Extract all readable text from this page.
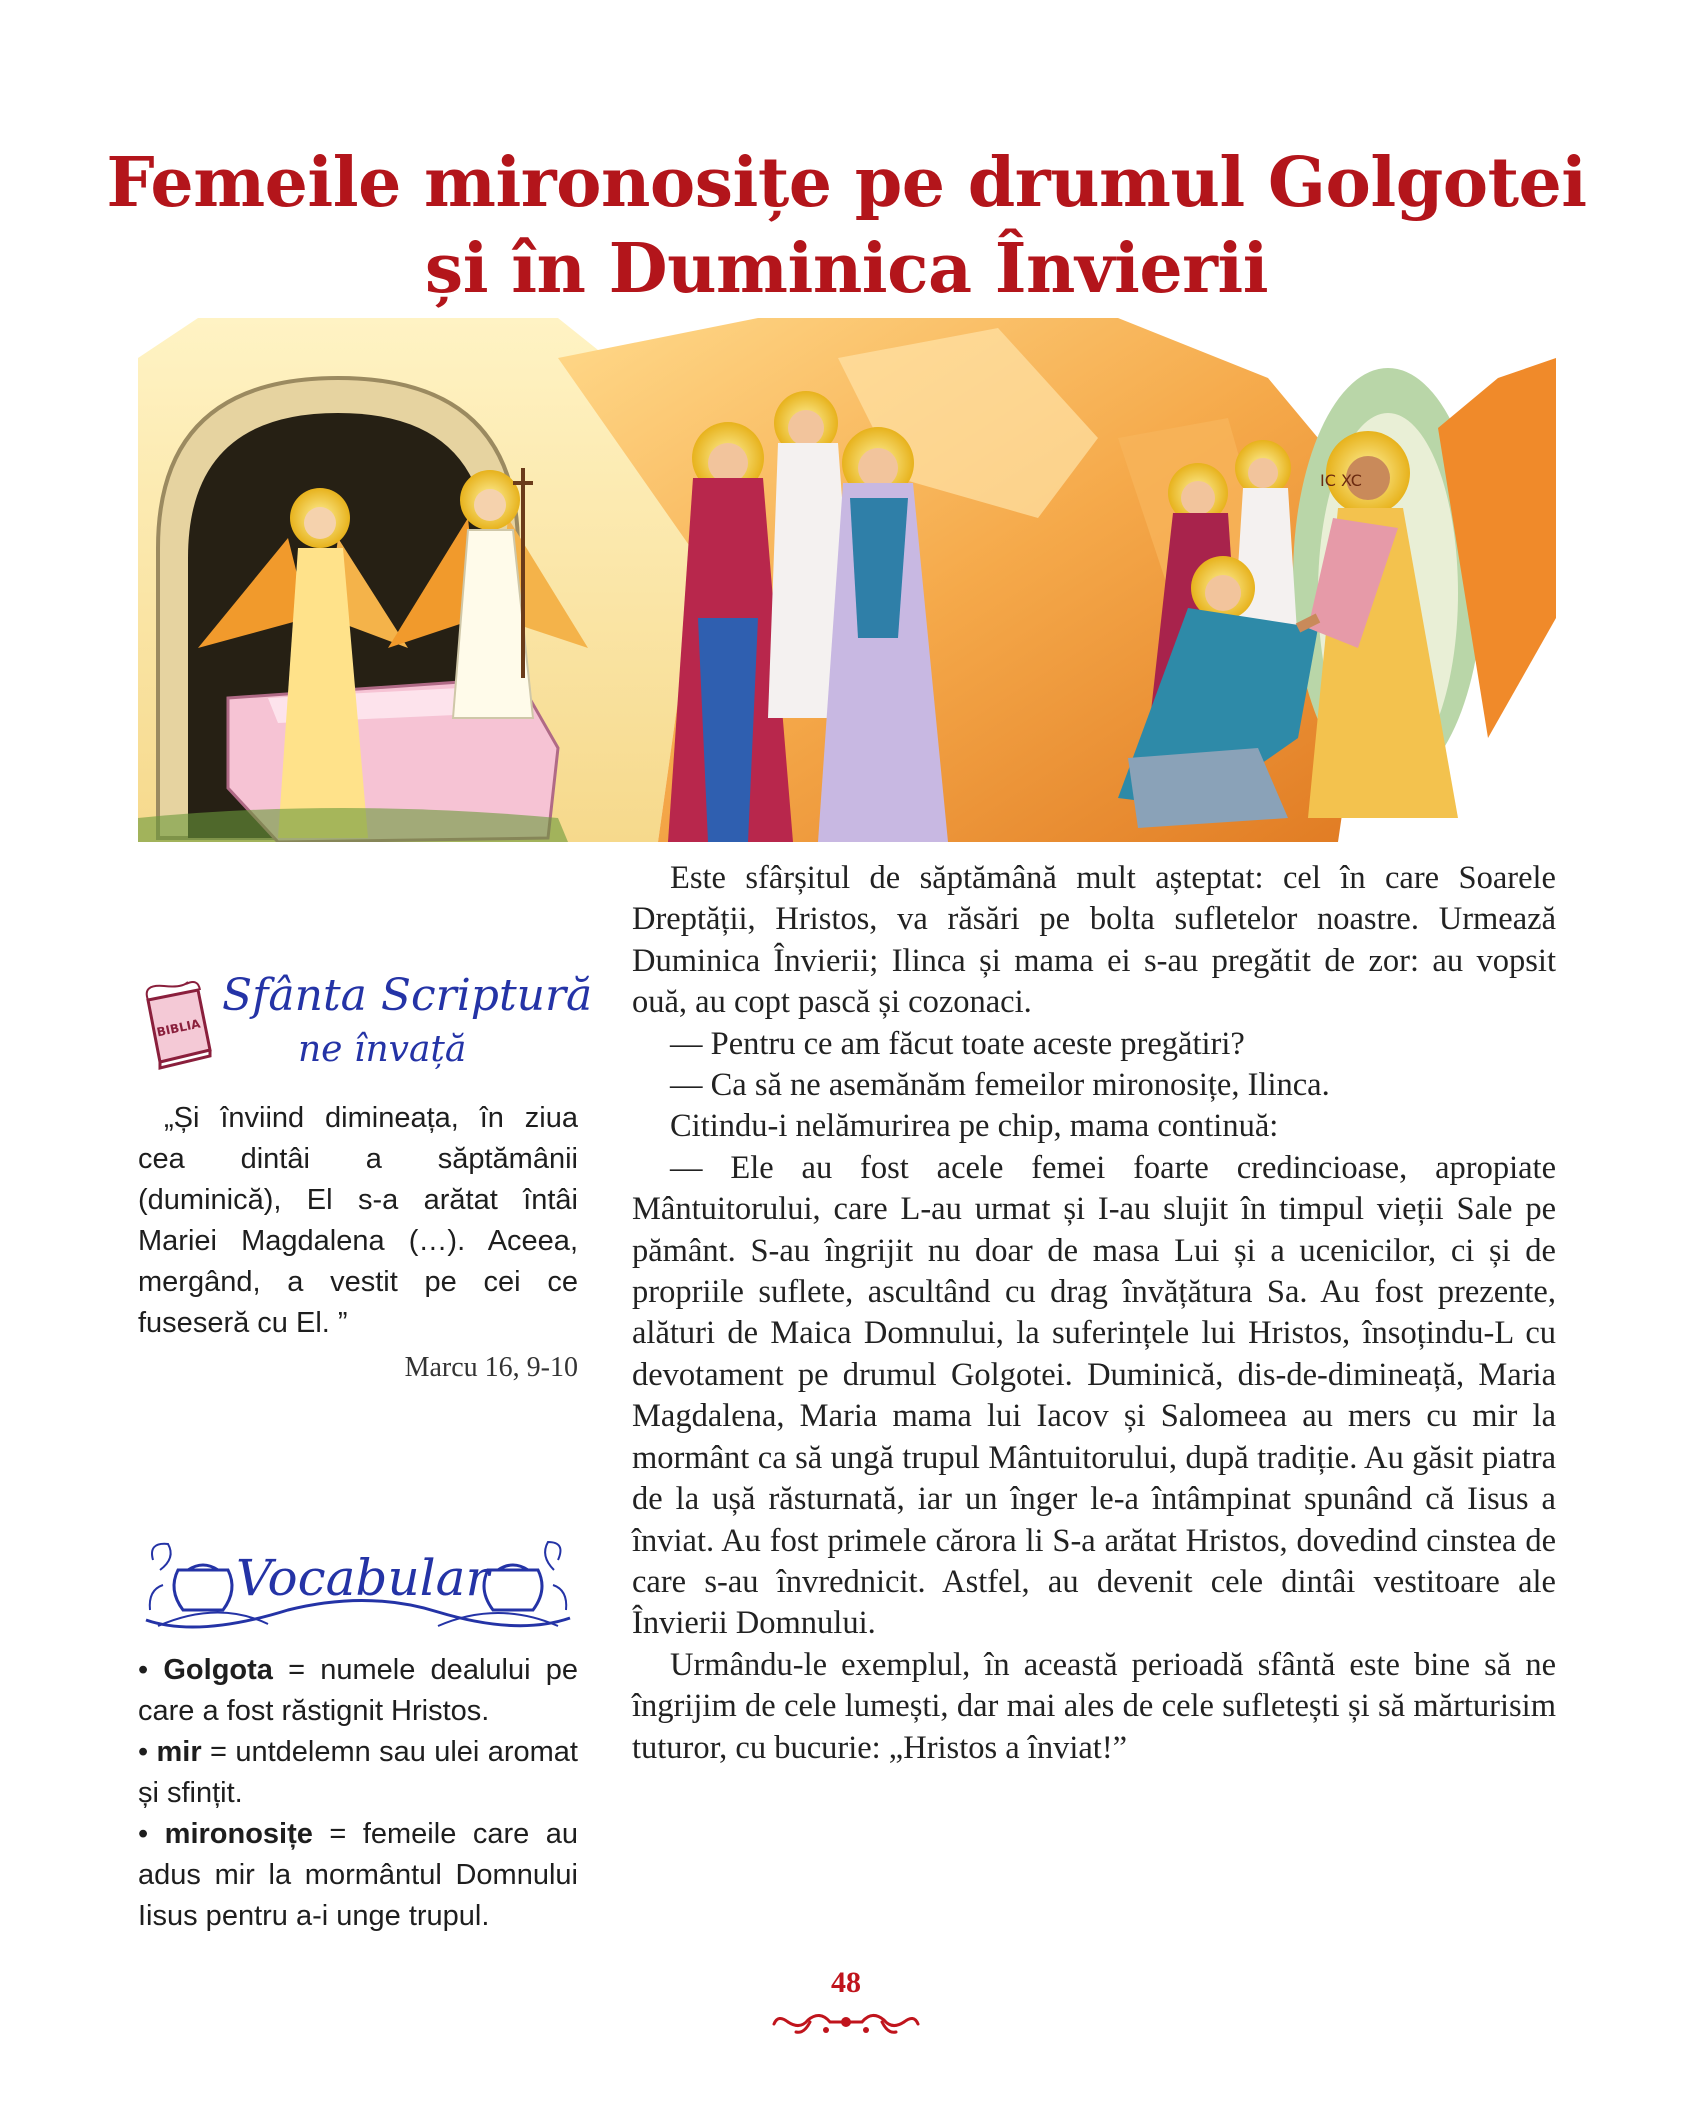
Femeile mironosițe pe drumul Golgotei
și în Duminica Învierii
IC XC
BIBLIA
Sfânta Scriptură
ne învață
„Și înviind dimineața, în ziua cea dintâi a săptămânii (duminică), El s-a arătat întâi Mariei Magdalena (…). Aceea, mergând, a vestit pe cei ce fuseseră cu El. ”
Marcu 16, 9-10
Vocabular
• Golgota = numele dealului pe care a fost răstignit Hristos.
• mir = untdelemn sau ulei aromat și sfințit.
• mironosițe = femeile care au adus mir la mormântul Domnului Iisus pentru a-i unge trupul.

Este sfârșitul de săptămână mult așteptat: cel în care Soarele Dreptății, Hristos, va răsări pe bolta sufletelor noastre. Urmează Duminica Învierii; Ilinca și mama ei s-au pregătit de zor: au vopsit ouă, au copt pască și cozonaci.

— Pentru ce am făcut toate aceste pregătiri?

— Ca să ne asemănăm femeilor mironosițe, Ilinca.

Citindu-i nelămurirea pe chip, mama continuă:

— Ele au fost acele femei foarte credincioase, apropiate Mântuitorului, care L-au urmat și I-au slujit în timpul vieții Sale pe pământ. S-au îngrijit nu doar de masa Lui și a ucenicilor, ci și de propriile suflete, ascultând cu drag învățătura Sa. Au fost prezente, alături de Maica Domnului, la suferințele lui Hristos, însoțindu-L cu devotament pe drumul Golgotei. Duminică, dis-de-dimineață, Maria Magdalena, Maria mama lui Iacov și Salomeea au mers cu mir la mormânt ca să ungă trupul Mântuitorului, după tradiție. Au găsit piatra de la ușă răsturnată, iar un înger le-a întâmpinat spunând că Iisus a înviat. Au fost primele cărora li S-a arătat Hristos, dovedind cinstea de care s-au învrednicit. Astfel, au devenit cele dintâi vestitoare ale Învierii Domnului.

Urmându-le exemplul, în această perioadă sfântă este bine să ne îngrijim de cele lumești, dar mai ales de cele sufletești și să mărturisim tuturor, cu bucurie: „Hristos a înviat!”

48
